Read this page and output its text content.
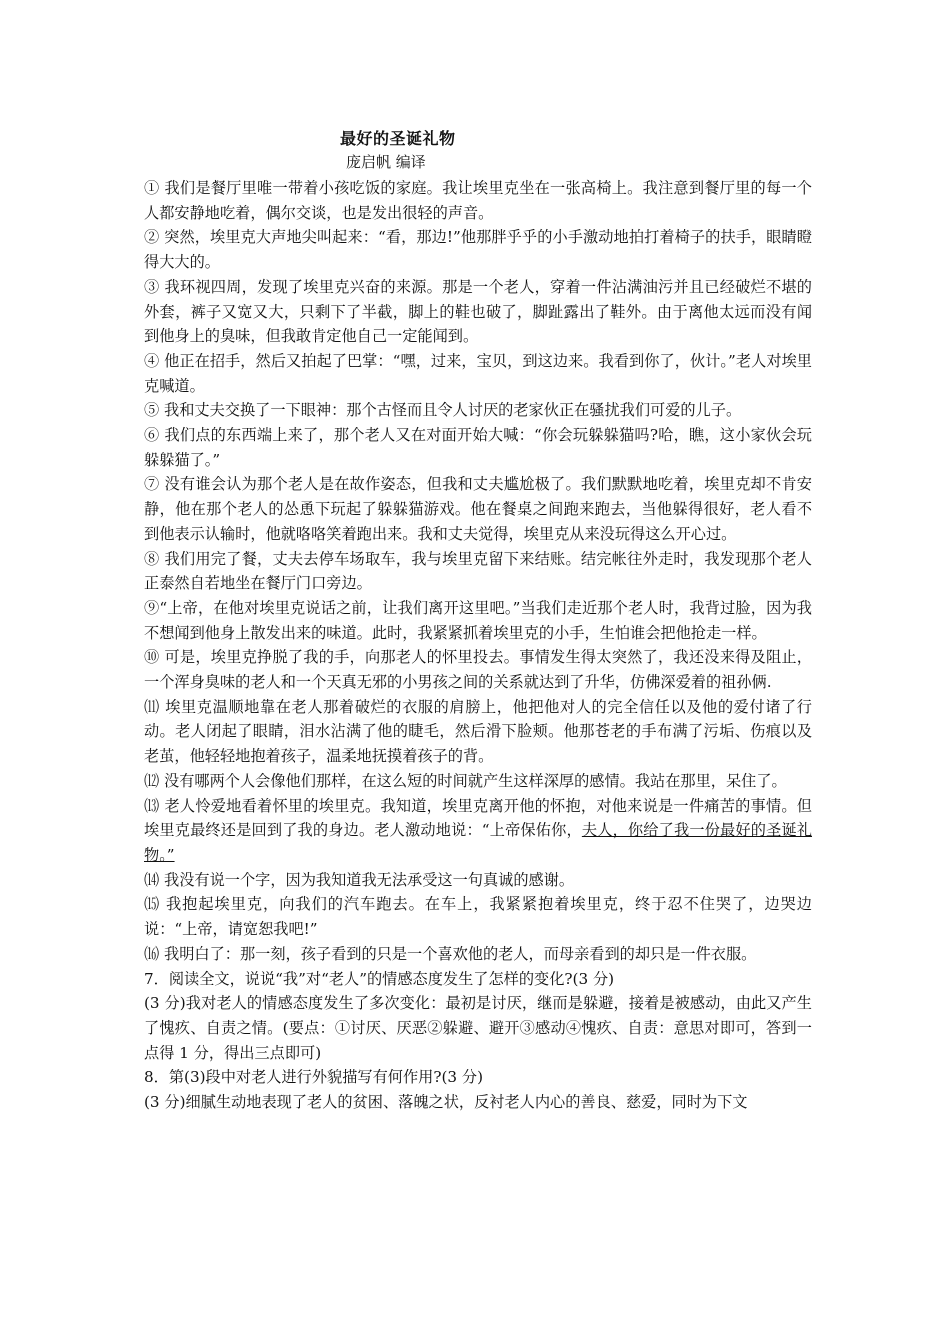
最好的圣诞礼物
庞启帆 编译

① 我们是餐厅里唯一带着小孩吃饭的家庭。我让埃里克坐在一张高椅上。我注意到餐厅里的每一个人都安静地吃着，偶尔交谈，也是发出很轻的声音。

② 突然，埃里克大声地尖叫起来：“看，那边!”他那胖乎乎的小手激动地拍打着椅子的扶手，眼睛瞪得大大的。

③ 我环视四周，发现了埃里克兴奋的来源。那是一个老人，穿着一件沾满油污并且已经破烂不堪的外套，裤子又宽又大，只剩下了半截，脚上的鞋也破了，脚趾露出了鞋外。由于离他太远而没有闻到他身上的臭味，但我敢肯定他自己一定能闻到。

④ 他正在招手，然后又拍起了巴掌：“嘿，过来，宝贝，到这边来。我看到你了，伙计。”老人对埃里克喊道。

⑤ 我和丈夫交换了一下眼神：那个古怪而且令人讨厌的老家伙正在骚扰我们可爱的儿子。

⑥ 我们点的东西端上来了，那个老人又在对面开始大喊：“你会玩躲躲猫吗?哈，瞧，这小家伙会玩躲躲猫了。”

⑦ 没有谁会认为那个老人是在故作姿态，但我和丈夫尴尬极了。我们默默地吃着，埃里克却不肯安静，他在那个老人的怂恿下玩起了躲躲猫游戏。他在餐桌之间跑来跑去，当他躲得很好，老人看不到他表示认输时，他就咯咯笑着跑出来。我和丈夫觉得，埃里克从来没玩得这么开心过。

⑧ 我们用完了餐，丈夫去停车场取车，我与埃里克留下来结账。结完帐往外走时，我发现那个老人正泰然自若地坐在餐厅门口旁边。

⑨“上帝，在他对埃里克说话之前，让我们离开这里吧。”当我们走近那个老人时，我背过脸，因为我不想闻到他身上散发出来的味道。此时，我紧紧抓着埃里克的小手，生怕谁会把他抢走一样。

⑩ 可是，埃里克挣脱了我的手，向那老人的怀里投去。事情发生得太突然了，我还没来得及阻止，一个浑身臭味的老人和一个天真无邪的小男孩之间的关系就达到了升华，仿佛深爱着的祖孙俩.

⑾ 埃里克温顺地靠在老人那着破烂的衣服的肩膀上，他把他对人的完全信任以及他的爱付诸了行动。老人闭起了眼睛，泪水沾满了他的睫毛，然后滑下脸颊。他那苍老的手布满了污垢、伤痕以及老茧，他轻轻地抱着孩子，温柔地抚摸着孩子的背。

⑿ 没有哪两个人会像他们那样，在这么短的时间就产生这样深厚的感情。我站在那里，呆住了。

⒀ 老人怜爱地看着怀里的埃里克。我知道，埃里克离开他的怀抱，对他来说是一件痛苦的事情。但埃里克最终还是回到了我的身边。老人激动地说：“上帝保佑你，夫人，你给了我一份最好的圣诞礼物。”

⒁ 我没有说一个字，因为我知道我无法承受这一句真诚的感谢。

⒂ 我抱起埃里克，向我们的汽车跑去。在车上，我紧紧抱着埃里克，终于忍不住哭了，边哭边说：“上帝，请宽恕我吧!”

⒃ 我明白了：那一刻，孩子看到的只是一个喜欢他的老人，而母亲看到的却只是一件衣服。

7．阅读全文，说说“我”对“老人”的情感态度发生了怎样的变化?(3 分)

(3 分)我对老人的情感态度发生了多次变化：最初是讨厌，继而是躲避，接着是被感动，由此又产生了愧疚、自责之情。(要点：①讨厌、厌恶②躲避、避开③感动④愧疚、自责：意思对即可，答到一点得 1 分，得出三点即可)

8．第(3)段中对老人进行外貌描写有何作用?(3 分)

(3 分)细腻生动地表现了老人的贫困、落魄之状，反衬老人内心的善良、慈爱，同时为下文
